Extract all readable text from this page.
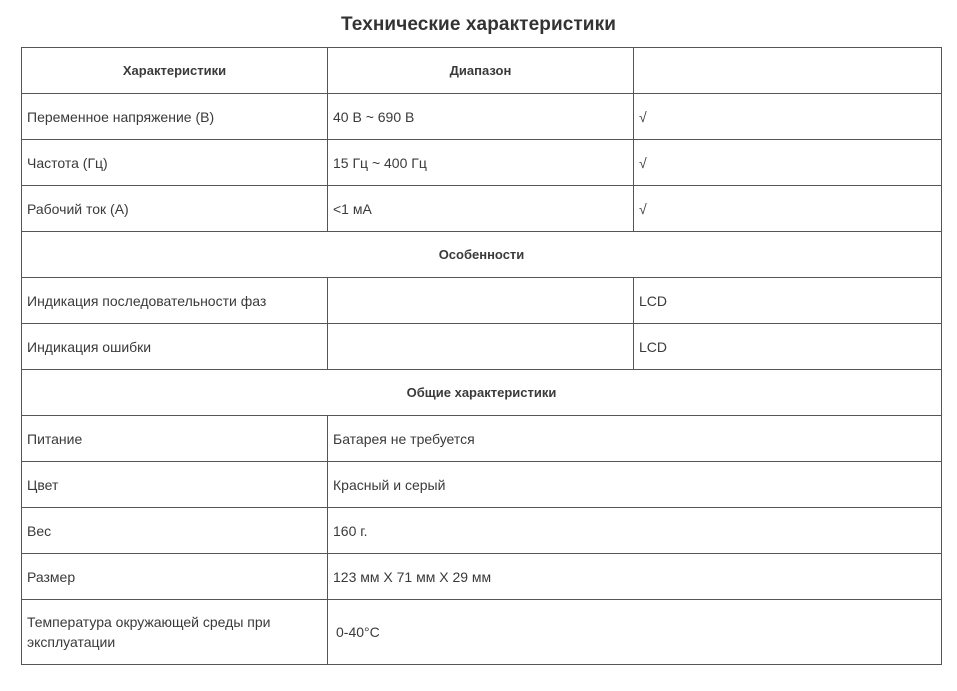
Технические характеристики
Характеристики	Диапазон	
Переменное напряжение (В)	40 В ~ 690 В	√
Частота (Гц)	15 Гц ~ 400 Гц	√
Рабочий ток (А)	<1 мА	√
Особенности		
Индикация последовательности фаз		LCD
Индикация ошибки		LCD
Общие характеристики		
Питание	Батарея не требуется	
Цвет	Красный и серый	
Вес	160 г.	
Размер	123 мм X 71 мм X 29 мм	
Температура окружающей среды при эксплуатации	0-40°C	
